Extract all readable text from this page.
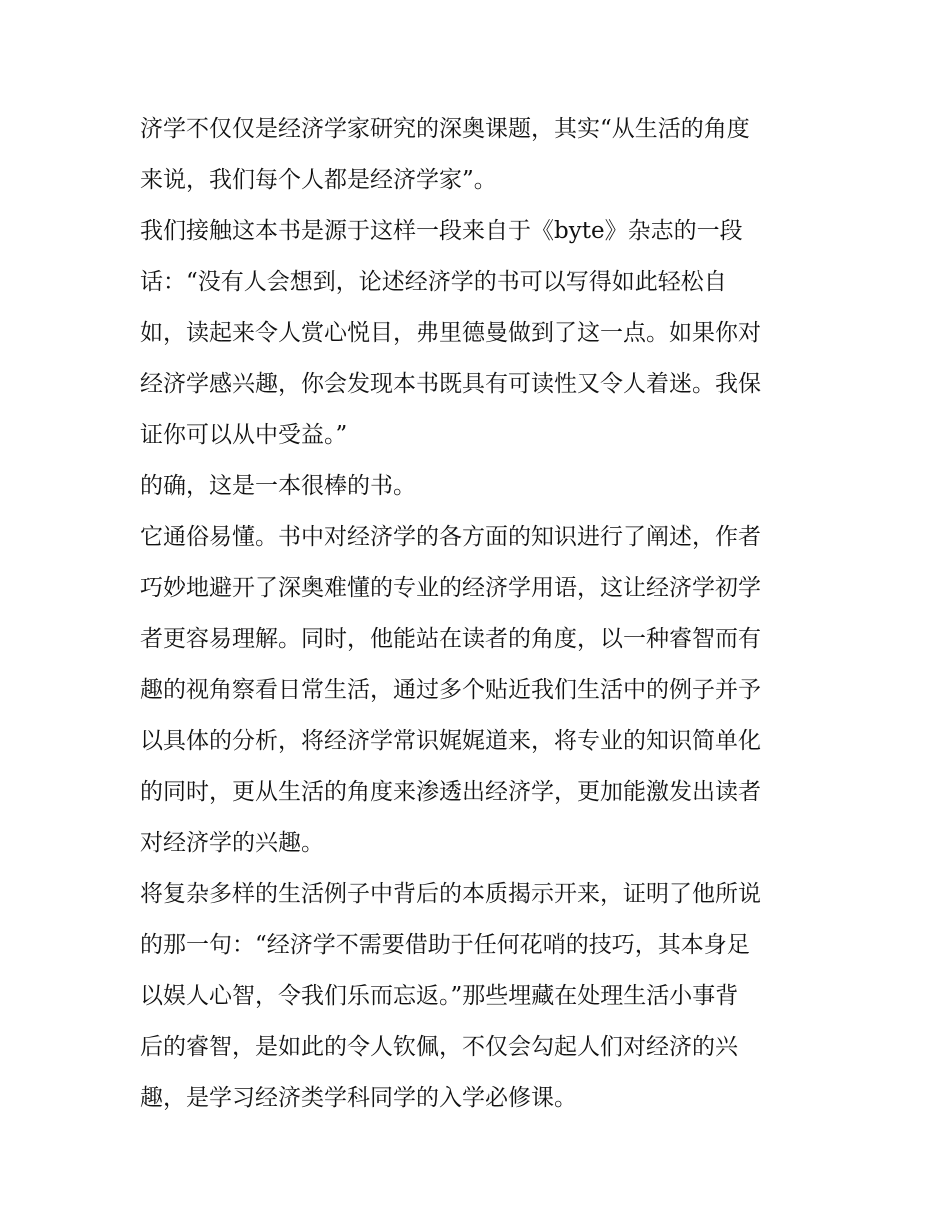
济学不仅仅是经济学家研究的深奥课题，其实“从生活的角度
来说，我们每个人都是经济学家”。
我们接触这本书是源于这样一段来自于《byte》杂志的一段
话：“没有人会想到，论述经济学的书可以写得如此轻松自
如，读起来令人赏心悦目，弗里德曼做到了这一点。如果你对
经济学感兴趣，你会发现本书既具有可读性又令人着迷。我保
证你可以从中受益。”
的确，这是一本很棒的书。
它通俗易懂。书中对经济学的各方面的知识进行了阐述，作者
巧妙地避开了深奥难懂的专业的经济学用语，这让经济学初学
者更容易理解。同时，他能站在读者的角度，以一种睿智而有
趣的视角察看日常生活，通过多个贴近我们生活中的例子并予
以具体的分析，将经济学常识娓娓道来，将专业的知识简单化
的同时，更从生活的角度来渗透出经济学，更加能激发出读者
对经济学的兴趣。
将复杂多样的生活例子中背后的本质揭示开来，证明了他所说
的那一句：“经济学不需要借助于任何花哨的技巧，其本身足
以娱人心智，令我们乐而忘返。”那些埋藏在处理生活小事背
后的睿智，是如此的令人钦佩，不仅会勾起人们对经济的兴
趣，是学习经济类学科同学的入学必修课。
